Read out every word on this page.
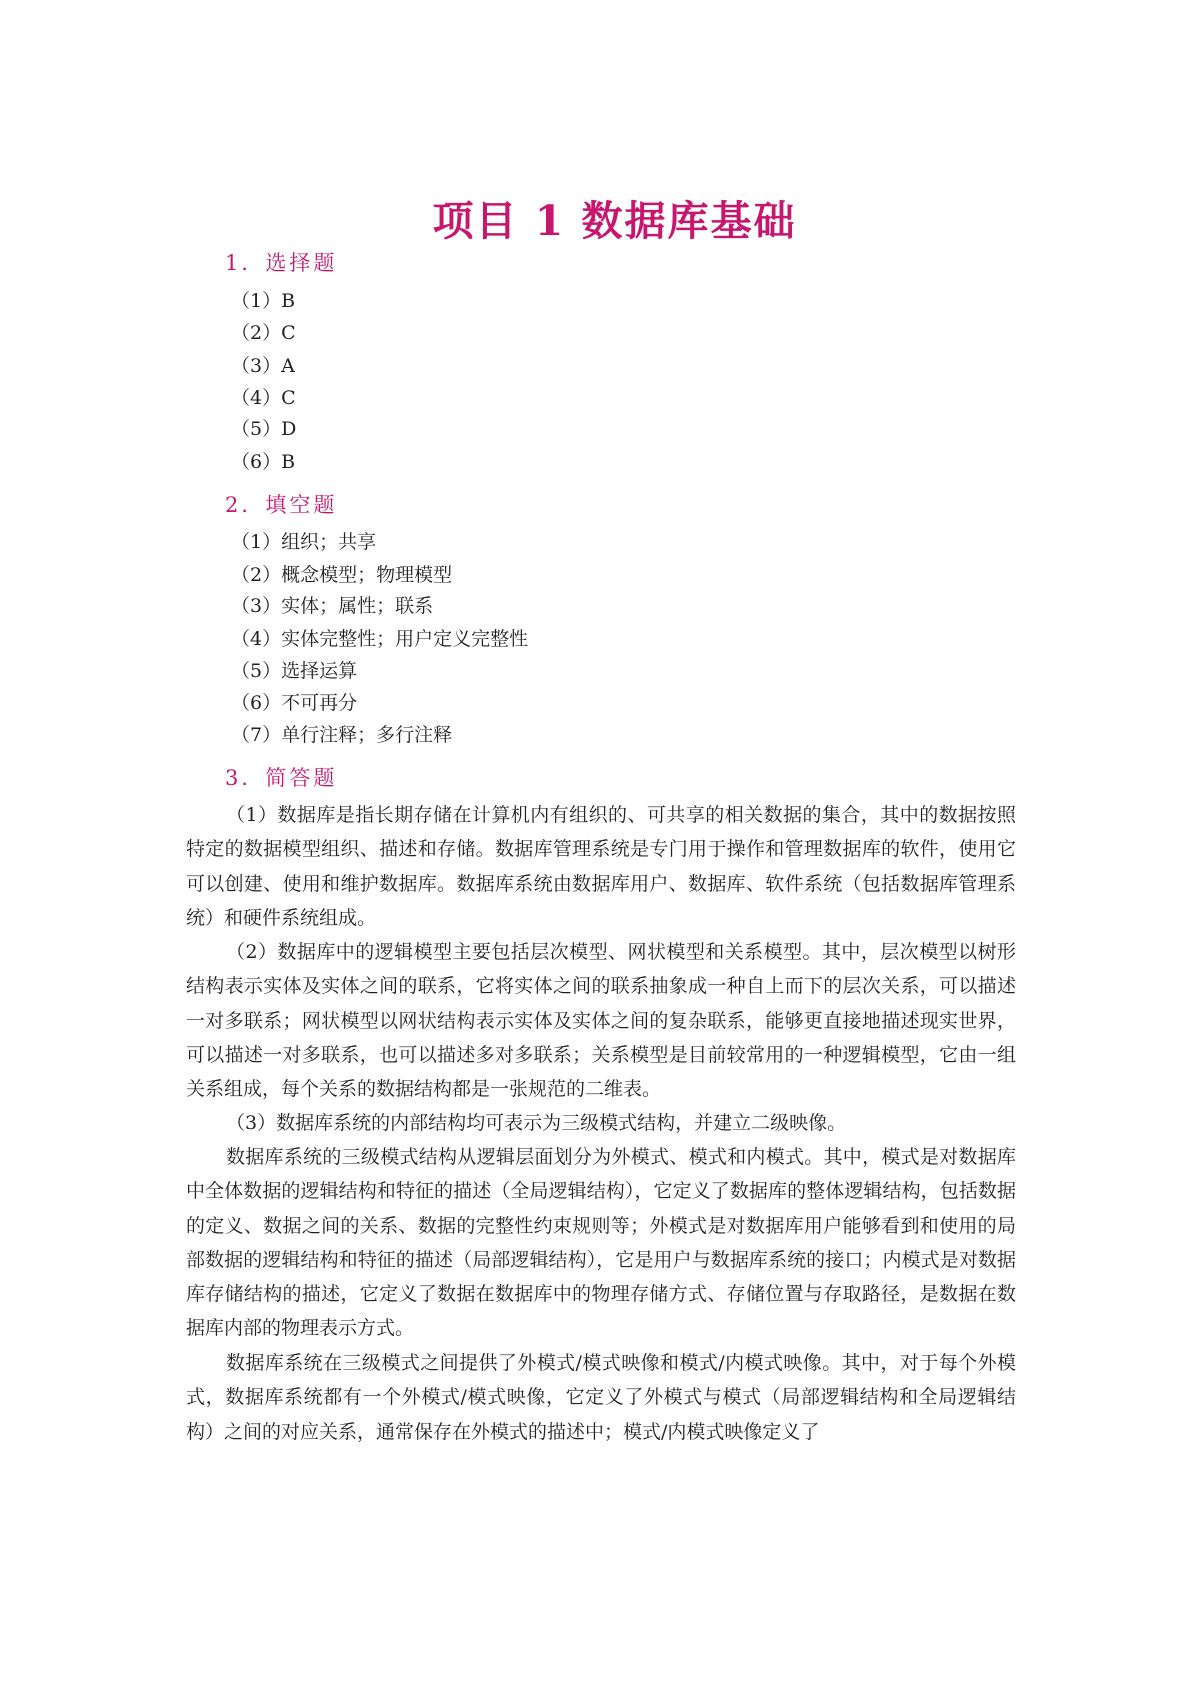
项目 1 数据库基础
1．选择题
（1）B
（2）C
（3）A
（4）C
（5）D
（6）B
2．填空题
（1）组织；共享
（2）概念模型；物理模型
（3）实体；属性；联系
（4）实体完整性；用户定义完整性
（5）选择运算
（6）不可再分
（7）单行注释；多行注释
3．简答题

（1）数据库是指长期存储在计算机内有组织的、可共享的相关数据的集合，其中的数据按照特定的数据模型组织、描述和存储。数据库管理系统是专门用于操作和管理数据库的软件，使用它可以创建、使用和维护数据库。数据库系统由数据库用户、数据库、软件系统（包括数据库管理系统）和硬件系统组成。

（2）数据库中的逻辑模型主要包括层次模型、网状模型和关系模型。其中，层次模型以树形结构表示实体及实体之间的联系，它将实体之间的联系抽象成一种自上而下的层次关系，可以描述一对多联系；网状模型以网状结构表示实体及实体之间的复杂联系，能够更直接地描述现实世界，可以描述一对多联系，也可以描述多对多联系；关系模型是目前较常用的一种逻辑模型，它由一组关系组成，每个关系的数据结构都是一张规范的二维表。

（3）数据库系统的内部结构均可表示为三级模式结构，并建立二级映像。

数据库系统的三级模式结构从逻辑层面划分为外模式、模式和内模式。其中，模式是对数据库中全体数据的逻辑结构和特征的描述（全局逻辑结构），它定义了数据库的整体逻辑结构，包括数据的定义、数据之间的关系、数据的完整性约束规则等；外模式是对数据库用户能够看到和使用的局部数据的逻辑结构和特征的描述（局部逻辑结构），它是用户与数据库系统的接口；内模式是对数据库存储结构的描述，它定义了数据在数据库中的物理存储方式、存储位置与存取路径，是数据在数据库内部的物理表示方式。

数据库系统在三级模式之间提供了外模式/模式映像和模式/内模式映像。其中，对于每个外模式，数据库系统都有一个外模式/模式映像，它定义了外模式与模式（局部逻辑结构和全局逻辑结构）之间的对应关系，通常保存在外模式的描述中；模式/内模式映像定义了
